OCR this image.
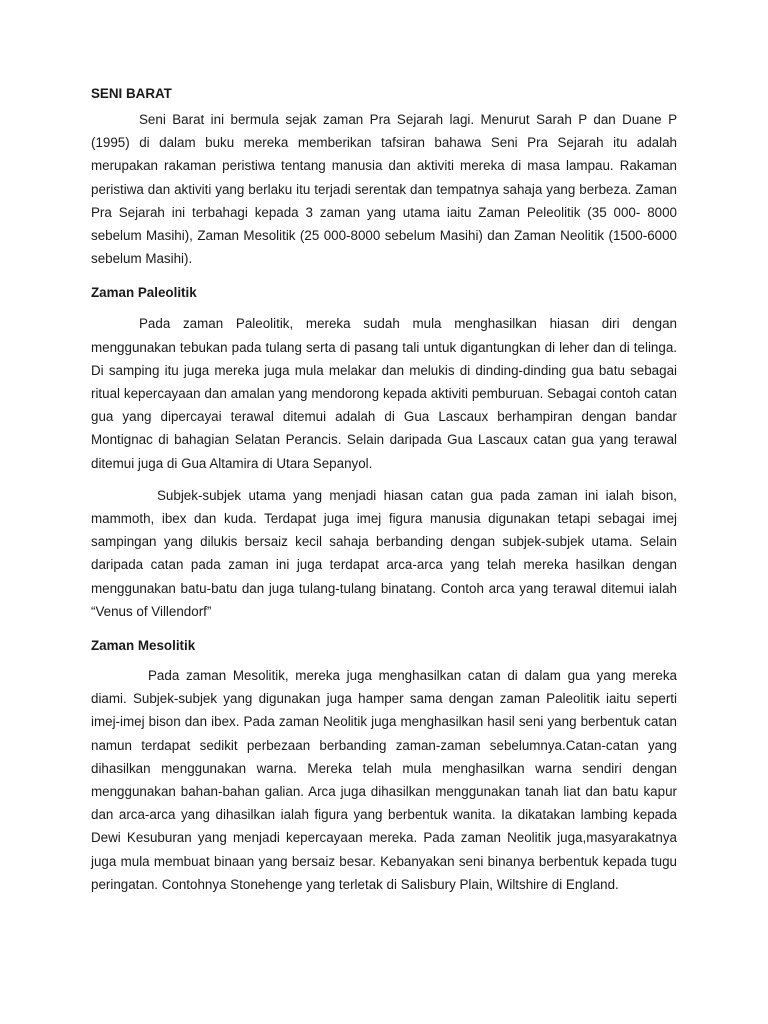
SENI BARAT

Seni Barat ini bermula sejak zaman Pra Sejarah lagi. Menurut Sarah P dan Duane P (1995) di dalam buku mereka memberikan tafsiran bahawa Seni Pra Sejarah itu adalah merupakan rakaman peristiwa tentang manusia dan aktiviti mereka di masa lampau. Rakaman peristiwa dan aktiviti yang berlaku itu terjadi serentak dan tempatnya sahaja yang berbeza. Zaman Pra Sejarah ini terbahagi kepada 3 zaman yang utama iaitu Zaman Peleolitik (35 000- 8000 sebelum Masihi), Zaman Mesolitik (25 000-8000 sebelum Masihi) dan Zaman Neolitik (1500-6000 sebelum Masihi).

Zaman Paleolitik

Pada zaman Paleolitik, mereka sudah mula menghasilkan hiasan diri dengan menggunakan tebukan pada tulang serta di pasang tali untuk digantungkan di leher dan di telinga. Di samping itu juga mereka juga mula melakar dan melukis di dinding-dinding gua batu sebagai ritual kepercayaan dan amalan yang mendorong kepada aktiviti pemburuan. Sebagai contoh catan gua yang dipercayai terawal ditemui adalah di Gua Lascaux berhampiran dengan bandar Montignac di bahagian Selatan Perancis. Selain daripada Gua Lascaux catan gua yang terawal ditemui juga di Gua Altamira di Utara Sepanyol.

Subjek-subjek utama yang menjadi hiasan catan gua pada zaman ini ialah bison, mammoth, ibex dan kuda. Terdapat juga imej figura manusia digunakan tetapi sebagai imej sampingan yang dilukis bersaiz kecil sahaja berbanding dengan subjek-subjek utama. Selain daripada catan pada zaman ini juga terdapat arca-arca yang telah mereka hasilkan dengan menggunakan batu-batu dan juga tulang-tulang binatang. Contoh arca yang terawal ditemui ialah “Venus of Villendorf”

Zaman Mesolitik

Pada zaman Mesolitik, mereka juga menghasilkan catan di dalam gua yang mereka diami. Subjek-subjek yang digunakan juga hamper sama dengan zaman Paleolitik iaitu seperti imej-imej bison dan ibex. Pada zaman Neolitik juga menghasilkan hasil seni yang berbentuk catan namun terdapat sedikit perbezaan berbanding zaman-zaman sebelumnya.Catan-catan yang dihasilkan menggunakan warna. Mereka telah mula menghasilkan warna sendiri dengan menggunakan bahan-bahan galian. Arca juga dihasilkan menggunakan tanah liat dan batu kapur dan arca-arca yang dihasilkan ialah figura yang berbentuk wanita. Ia dikatakan lambing kepada Dewi Kesuburan yang menjadi kepercayaan mereka. Pada zaman Neolitik juga,masyarakatnya juga mula membuat binaan yang bersaiz besar. Kebanyakan seni binanya berbentuk kepada tugu peringatan. Contohnya Stonehenge yang terletak di Salisbury Plain, Wiltshire di England.
